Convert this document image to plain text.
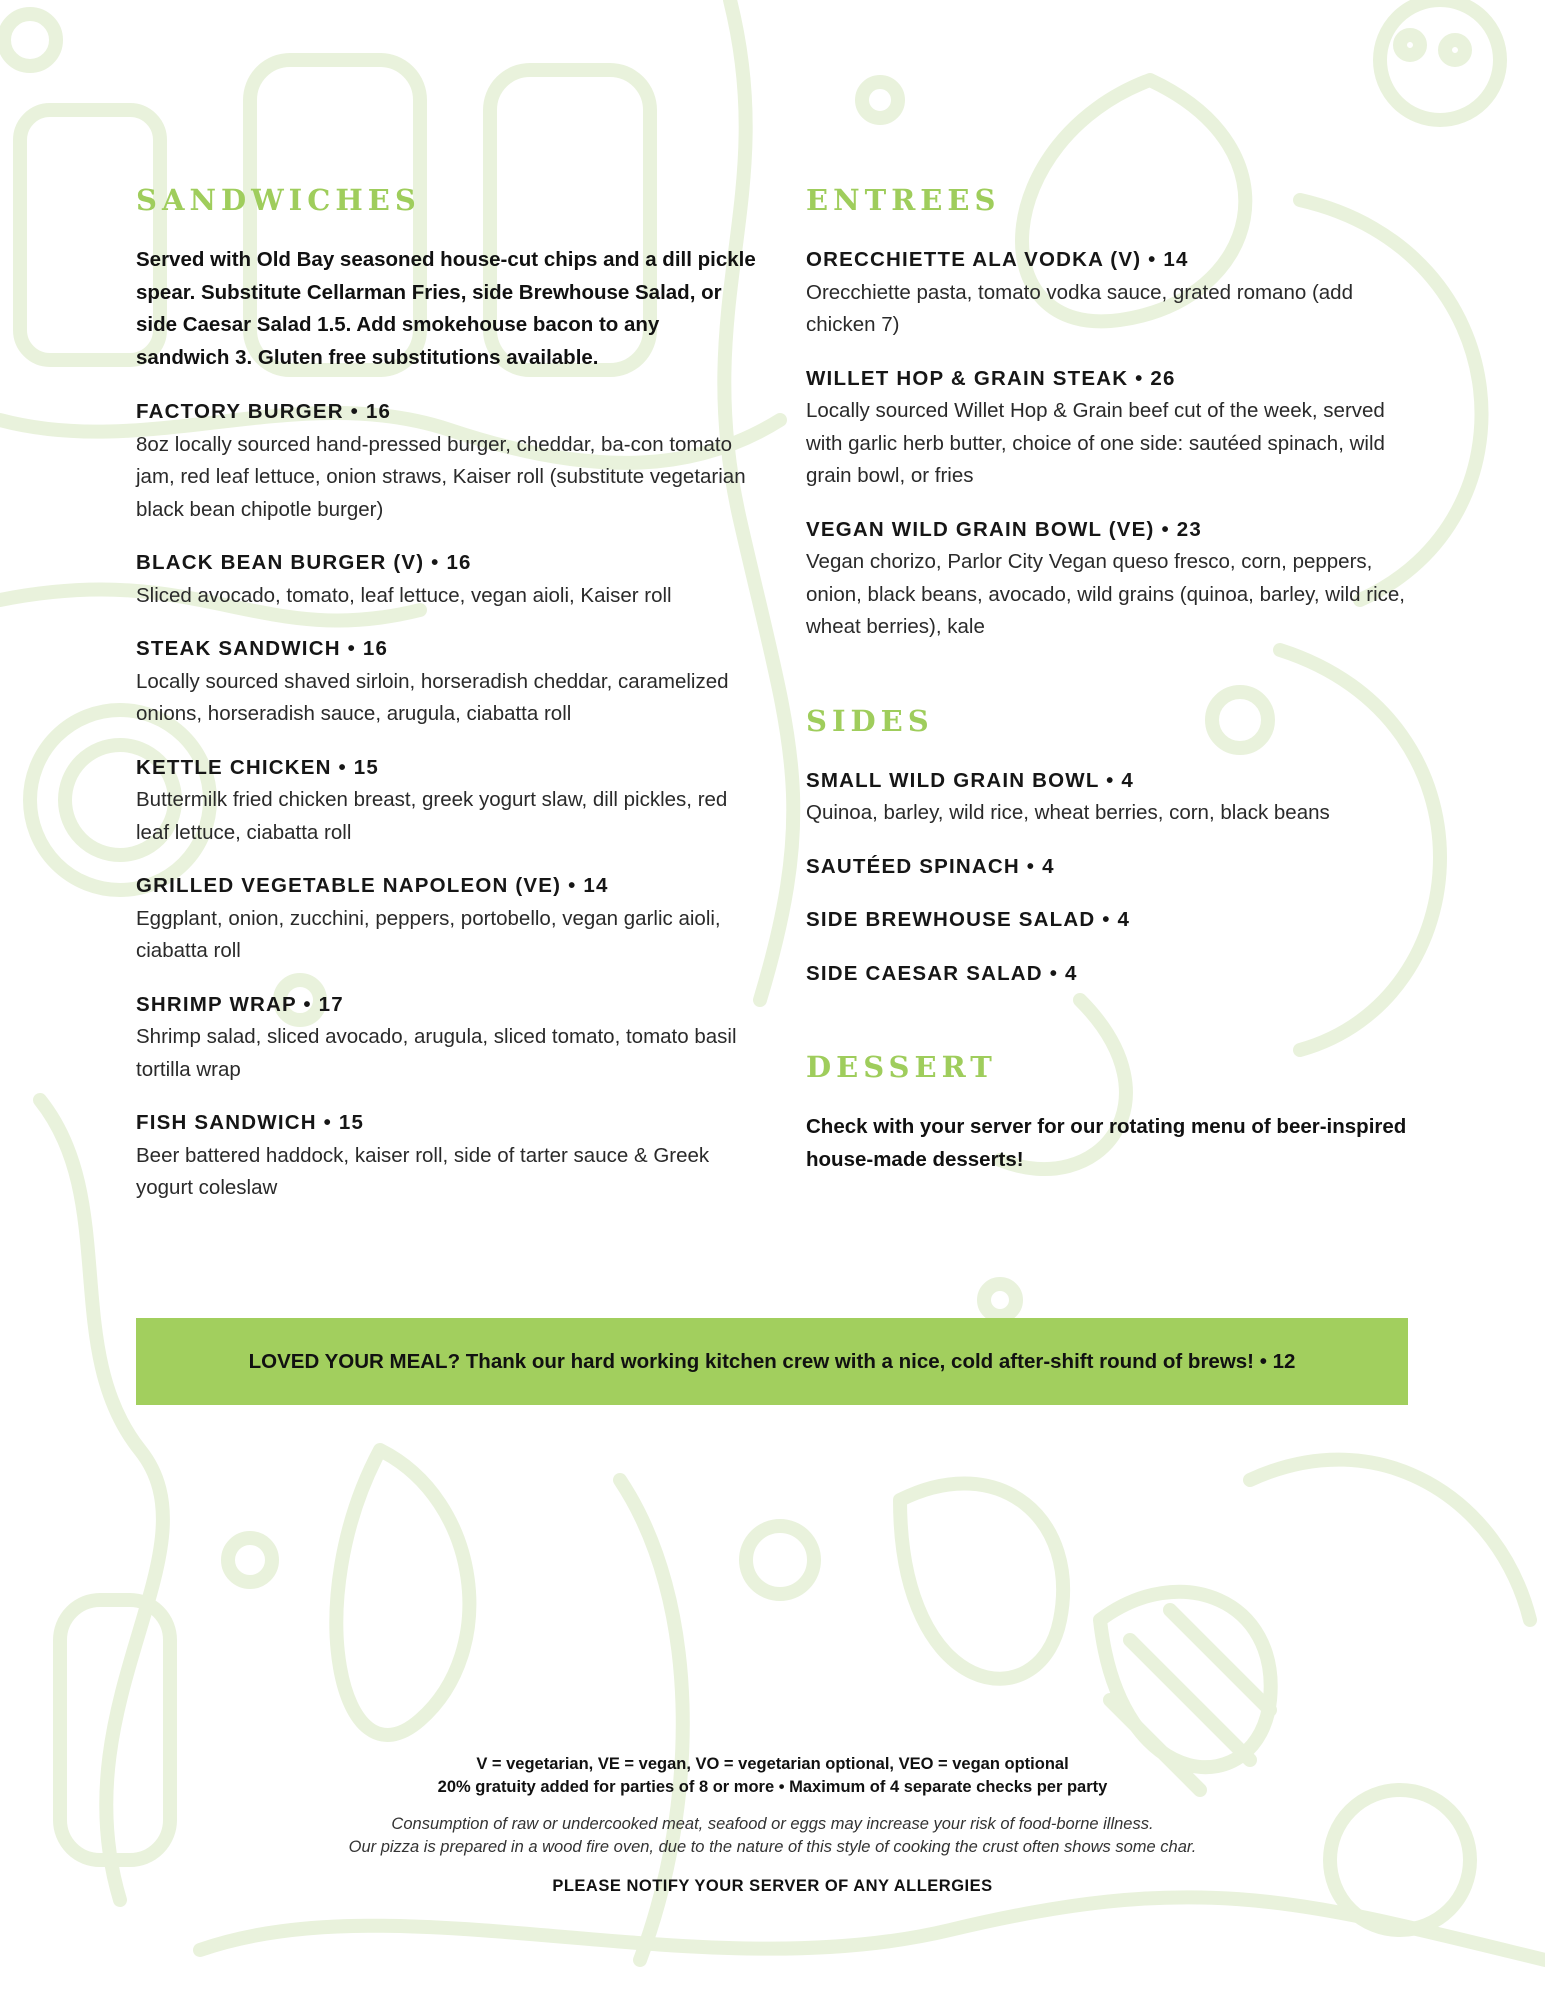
SANDWICHES
Served with Old Bay seasoned house-cut chips and a dill pickle spear. Substitute Cellarman Fries, side Brewhouse Salad, or side Caesar Salad 1.5. Add smokehouse bacon to any sandwich 3. Gluten free substitutions available.
FACTORY BURGER • 16
8oz locally sourced hand-pressed burger, cheddar, ba-con tomato jam, red leaf lettuce, onion straws, Kaiser roll (substitute vegetarian black bean chipotle burger)
BLACK BEAN BURGER (V) • 16
Sliced avocado, tomato, leaf lettuce, vegan aioli, Kaiser roll
STEAK SANDWICH • 16
Locally sourced shaved sirloin, horseradish cheddar, caramelized onions, horseradish sauce, arugula, ciabatta roll
KETTLE CHICKEN • 15
Buttermilk fried chicken breast, greek yogurt slaw, dill pickles, red leaf lettuce, ciabatta roll
GRILLED VEGETABLE NAPOLEON (VE) • 14
Eggplant, onion, zucchini, peppers, portobello, vegan garlic aioli, ciabatta roll
SHRIMP WRAP • 17
Shrimp salad, sliced avocado, arugula, sliced tomato, tomato basil tortilla wrap
FISH SANDWICH • 15
Beer battered haddock, kaiser roll, side of tarter sauce & Greek yogurt coleslaw
ENTREES
ORECCHIETTE ALA VODKA (V) • 14
Orecchiette pasta, tomato vodka sauce, grated romano (add chicken 7)
WILLET HOP & GRAIN STEAK • 26
Locally sourced Willet Hop & Grain beef cut of the week, served with garlic herb butter, choice of one side: sautéed spinach, wild grain bowl, or fries
VEGAN WILD GRAIN BOWL (VE) • 23
Vegan chorizo, Parlor City Vegan queso fresco, corn, peppers, onion, black beans, avocado, wild grains (quinoa, barley, wild rice, wheat berries), kale
SIDES
SMALL WILD GRAIN BOWL • 4
Quinoa, barley, wild rice, wheat berries, corn, black beans
SAUTÉED SPINACH • 4
SIDE BREWHOUSE SALAD • 4
SIDE CAESAR SALAD • 4
DESSERT
Check with your server for our rotating menu of beer-inspired house-made desserts!
LOVED YOUR MEAL? Thank our hard working kitchen crew with a nice, cold after-shift round of brews! • 12
V = vegetarian, VE = vegan, VO = vegetarian optional, VEO = vegan optional
20% gratuity added for parties of 8 or more • Maximum of 4 separate checks per party
Consumption of raw or undercooked meat, seafood or eggs may increase your risk of food-borne illness.
Our pizza is prepared in a wood fire oven, due to the nature of this style of cooking the crust often shows some char.
PLEASE NOTIFY YOUR SERVER OF ANY ALLERGIES
